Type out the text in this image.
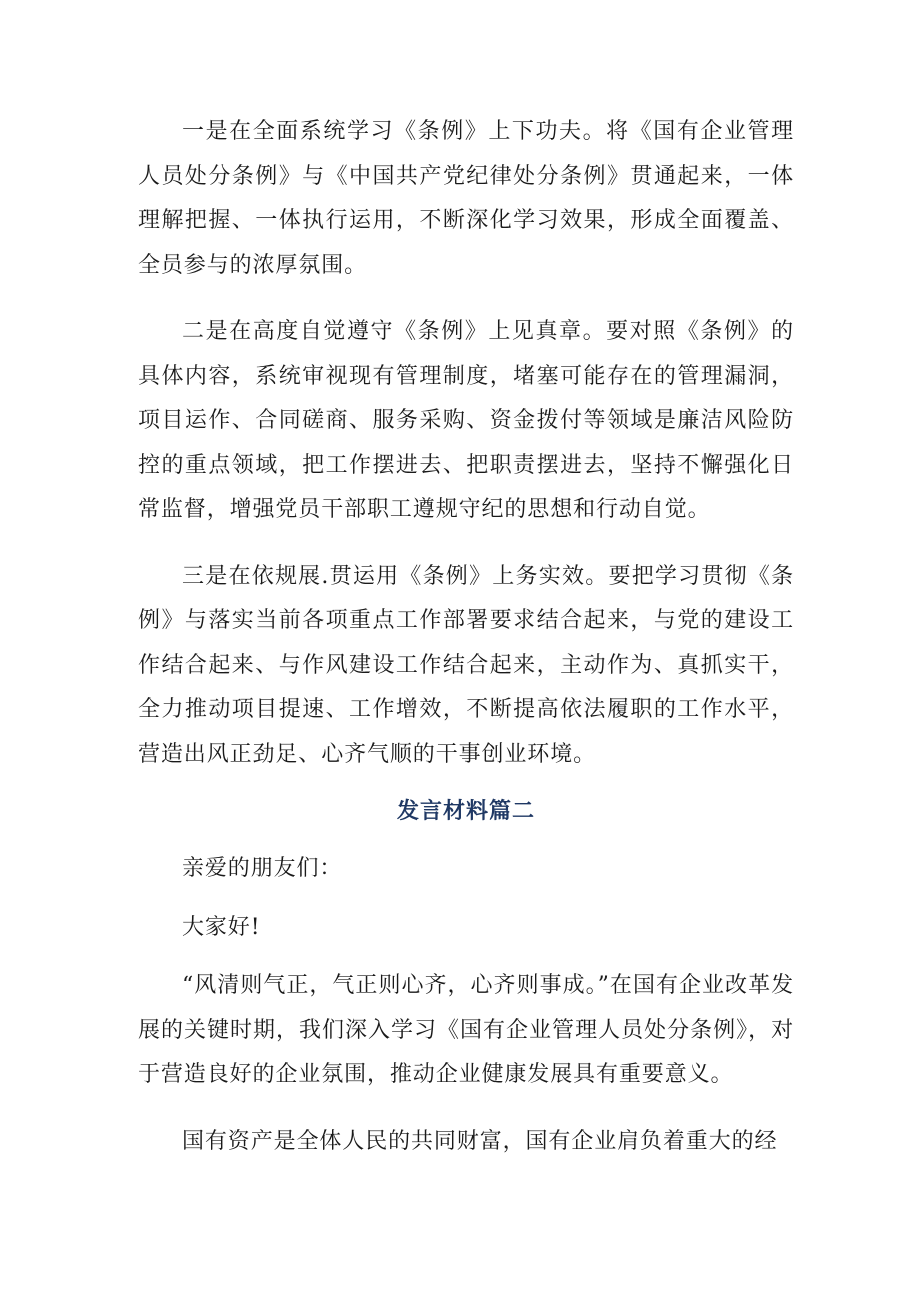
一是在全面系统学习《条例》上下功夫。将《国有企业管理人员处分条例》与《中国共产党纪律处分条例》贯通起来，一体理解把握、一体执行运用，不断深化学习效果，形成全面覆盖、全员参与的浓厚氛围。

二是在高度自觉遵守《条例》上见真章。要对照《条例》的具体内容，系统审视现有管理制度，堵塞可能存在的管理漏洞，项目运作、合同磋商、服务采购、资金拨付等领域是廉洁风险防控的重点领域，把工作摆进去、把职责摆进去，坚持不懈强化日常监督，增强党员干部职工遵规守纪的思想和行动自觉。

三是在依规展.贯运用《条例》上务实效。要把学习贯彻《条例》与落实当前各项重点工作部署要求结合起来，与党的建设工作结合起来、与作风建设工作结合起来，主动作为、真抓实干，全力推动项目提速、工作增效，不断提高依法履职的工作水平，营造出风正劲足、心齐气顺的干事创业环境。

发言材料篇二

亲爱的朋友们：

大家好!

“风清则气正，气正则心齐，心齐则事成。”在国有企业改革发展的关键时期，我们深入学习《国有企业管理人员处分条例》，对于营造良好的企业氛围，推动企业健康发展具有重要意义。

国有资产是全体人民的共同财富，国有企业肩负着重大的经
